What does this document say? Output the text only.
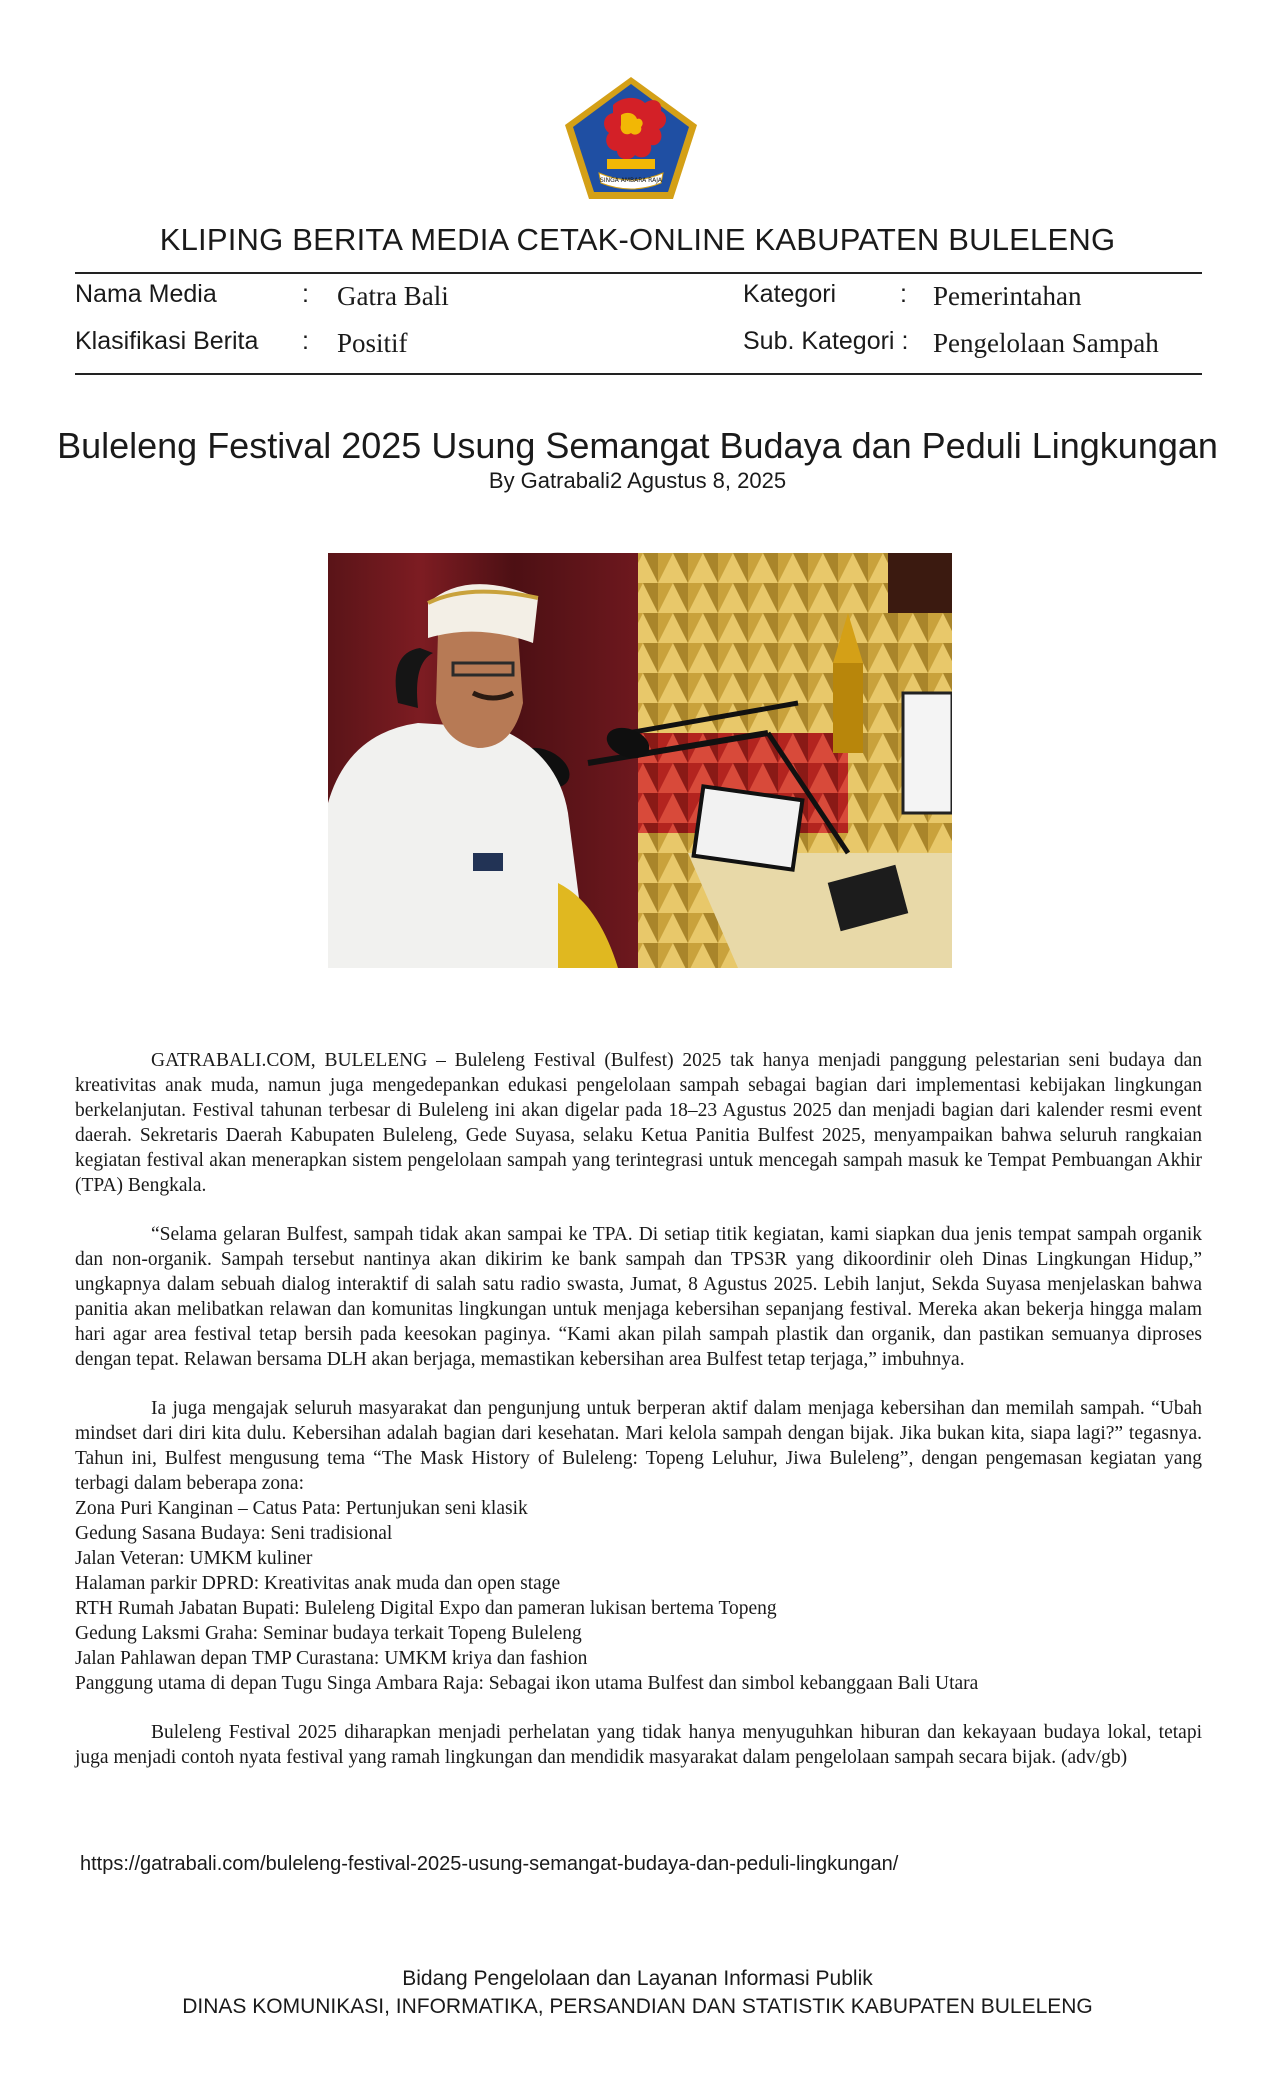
SINGA AMBARA RAJA
KLIPING BERITA MEDIA CETAK-ONLINE KABUPATEN BULELENG
Nama Media	: Gatra Bali
Klasifikasi Berita : Positif
Kategori	: Pemerintahan
Sub. Kategori : Pengelolaan Sampah
Buleleng Festival 2025 Usung Semangat Budaya dan Peduli Lingkungan
By Gatrabali2 Agustus 8, 2025

GATRABALI.COM, BULELENG – Buleleng Festival (Bulfest) 2025 tak hanya menjadi panggung pelestarian seni budaya dan kreativitas anak muda, namun juga mengedepankan edukasi pengelolaan sampah sebagai bagian dari implementasi kebijakan lingkungan berkelanjutan. Festival tahunan terbesar di Buleleng ini akan digelar pada 18–23 Agustus 2025 dan menjadi bagian dari kalender resmi event daerah. Sekretaris Daerah Kabupaten Buleleng, Gede Suyasa, selaku Ketua Panitia Bulfest 2025, menyampaikan bahwa seluruh rangkaian kegiatan festival akan menerapkan sistem pengelolaan sampah yang terintegrasi untuk mencegah sampah masuk ke Tempat Pembuangan Akhir (TPA) Bengkala.

“Selama gelaran Bulfest, sampah tidak akan sampai ke TPA. Di setiap titik kegiatan, kami siapkan dua jenis tempat sampah organik dan non-organik. Sampah tersebut nantinya akan dikirim ke bank sampah dan TPS3R yang dikoordinir oleh Dinas Lingkungan Hidup,” ungkapnya dalam sebuah dialog interaktif di salah satu radio swasta, Jumat, 8 Agustus 2025. Lebih lanjut, Sekda Suyasa menjelaskan bahwa panitia akan melibatkan relawan dan komunitas lingkungan untuk menjaga kebersihan sepanjang festival. Mereka akan bekerja hingga malam hari agar area festival tetap bersih pada keesokan paginya. “Kami akan pilah sampah plastik dan organik, dan pastikan semuanya diproses dengan tepat. Relawan bersama DLH akan berjaga, memastikan kebersihan area Bulfest tetap terjaga,” imbuhnya.

Ia juga mengajak seluruh masyarakat dan pengunjung untuk berperan aktif dalam menjaga kebersihan dan memilah sampah. “Ubah mindset dari diri kita dulu. Kebersihan adalah bagian dari kesehatan. Mari kelola sampah dengan bijak. Jika bukan kita, siapa lagi?” tegasnya. Tahun ini, Bulfest mengusung tema “The Mask History of Buleleng: Topeng Leluhur, Jiwa Buleleng”, dengan pengemasan kegiatan yang terbagi dalam beberapa zona:

Zona Puri Kanginan – Catus Pata: Pertunjukan seni klasik
Gedung Sasana Budaya: Seni tradisional
Jalan Veteran: UMKM kuliner
Halaman parkir DPRD: Kreativitas anak muda dan open stage
RTH Rumah Jabatan Bupati: Buleleng Digital Expo dan pameran lukisan bertema Topeng
Gedung Laksmi Graha: Seminar budaya terkait Topeng Buleleng
Jalan Pahlawan depan TMP Curastana: UMKM kriya dan fashion
Panggung utama di depan Tugu Singa Ambara Raja: Sebagai ikon utama Bulfest dan simbol kebanggaan Bali Utara

Buleleng Festival 2025 diharapkan menjadi perhelatan yang tidak hanya menyuguhkan hiburan dan kekayaan budaya lokal, tetapi juga menjadi contoh nyata festival yang ramah lingkungan dan mendidik masyarakat dalam pengelolaan sampah secara bijak. (adv/gb)

https://gatrabali.com/buleleng-festival-2025-usung-semangat-budaya-dan-peduli-lingkungan/
Bidang Pengelolaan dan Layanan Informasi Publik
DINAS KOMUNIKASI, INFORMATIKA, PERSANDIAN DAN STATISTIK KABUPATEN BULELENG
